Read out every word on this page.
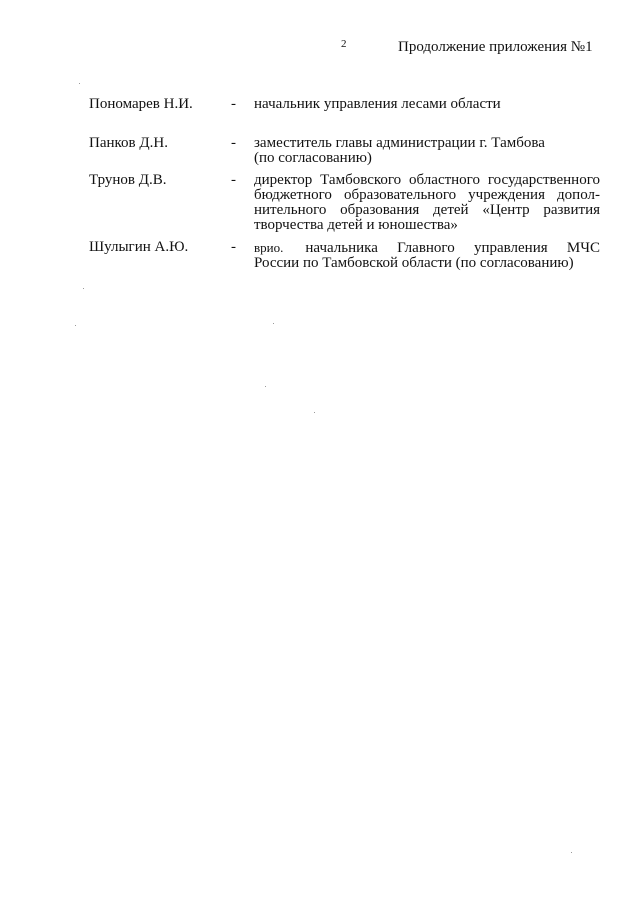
2	Продолжение приложения №1
Пономарев Н.И.	- начальник управления лесами области
Панков Д.Н.	- заместитель главы администрации г. Тамбова
(по согласованию)
Трунов Д.В.	- директор Тамбовского областного государственного
бюджетного образовательного учреждения допол-
нительного образования детей «Центр развития
творчества детей и юношества»
Шулыгин А.Ю.	- врио. начальника Главного управления МЧС
России по Тамбовской области (по согласованию)
